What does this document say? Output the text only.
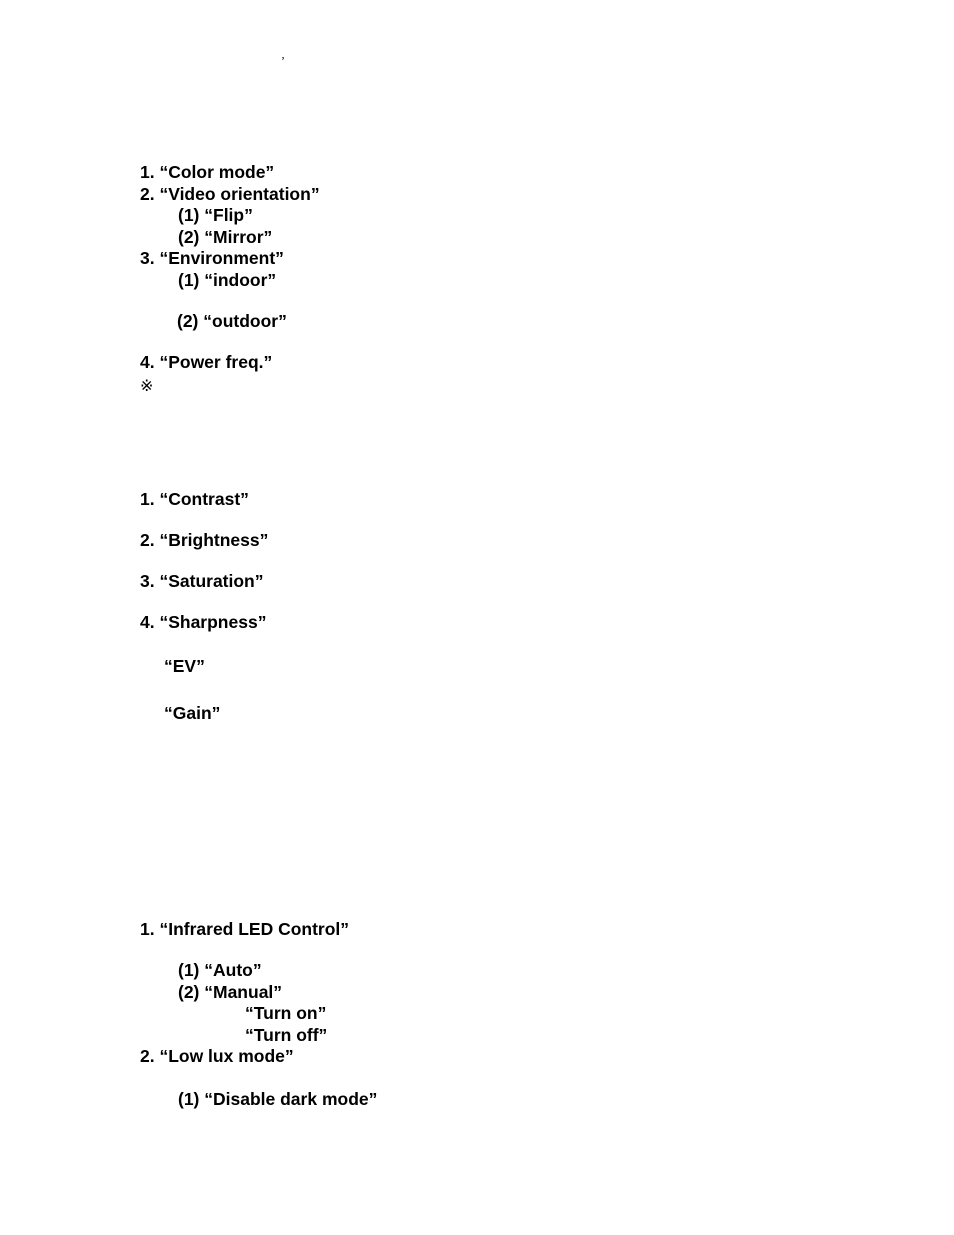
ʼ
1. “Color mode”
2. “Video orientation”
(1) “Flip”
(2) “Mirror”
3. “Environment”
(1) “indoor”
(2) “outdoor”
4. “Power freq.”
※
1. “Contrast”
2. “Brightness”
3. “Saturation”
4. “Sharpness”
“EV”
“Gain”
1. “Infrared LED Control”
(1) “Auto”
(2) “Manual”
“Turn on”
“Turn off”
2. “Low lux mode”
(1) “Disable dark mode”
